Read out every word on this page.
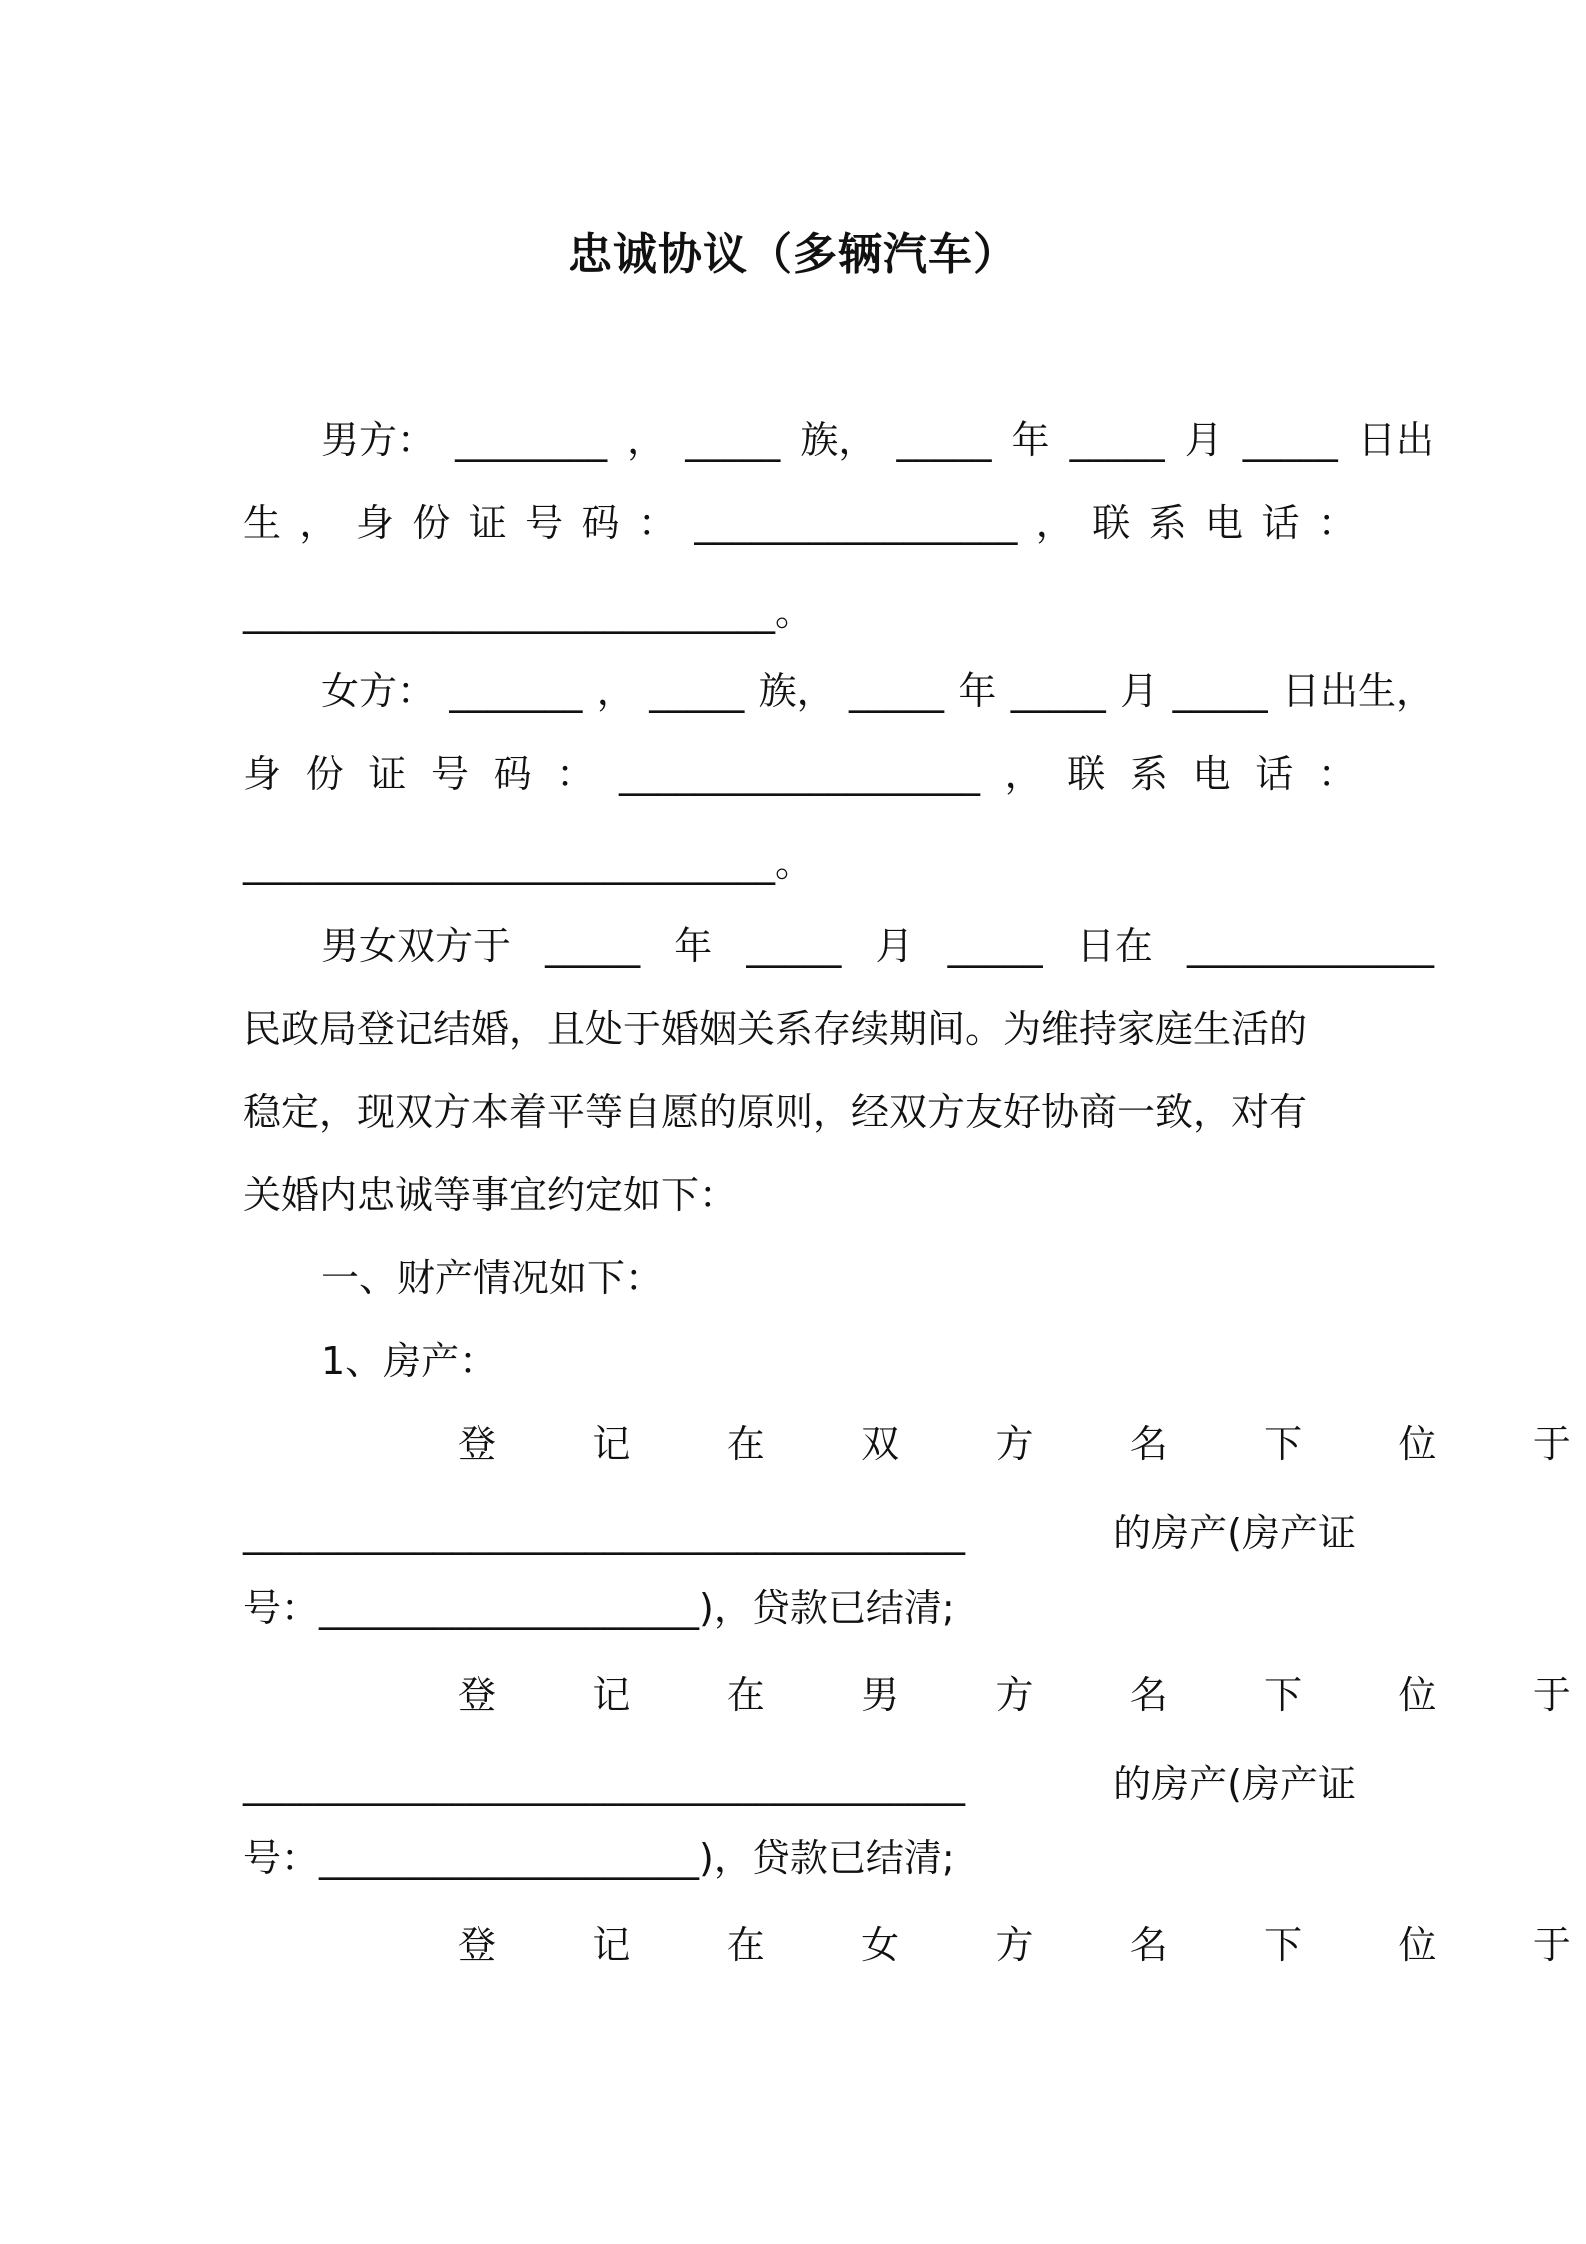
忠诚协议（多辆汽车）
男方： ________ ， _____ 族， _____ 年 _____ 月 _____ 日出
生 ， 身 份 证 号 码 ： _________________ ， 联 系 电 话 ：
____________________________。
女方： _______ ， _____ 族， _____ 年 _____ 月 _____ 日出生，
身 份 证 号 码 ： ___________________ ， 联 系 电 话 ：
____________________________。
男女双方于 _____ 年 _____ 月 _____ 日在 _____________
民政局登记结婚，且处于婚姻关系存续期间。为维持家庭生活的
稳定，现双方本着平等自愿的原则，经双方友好协商一致，对有
关婚内忠诚等事宜约定如下：
一、财产情况如下：
1、房产：
登	记	在	双	方	名	下	位	于
______________________________________	的房产(房产证
号：____________________)，贷款已结清;
登	记	在	男	方	名	下	位	于
______________________________________	的房产(房产证
号：____________________)，贷款已结清;
登	记	在	女	方	名	下	位	于
